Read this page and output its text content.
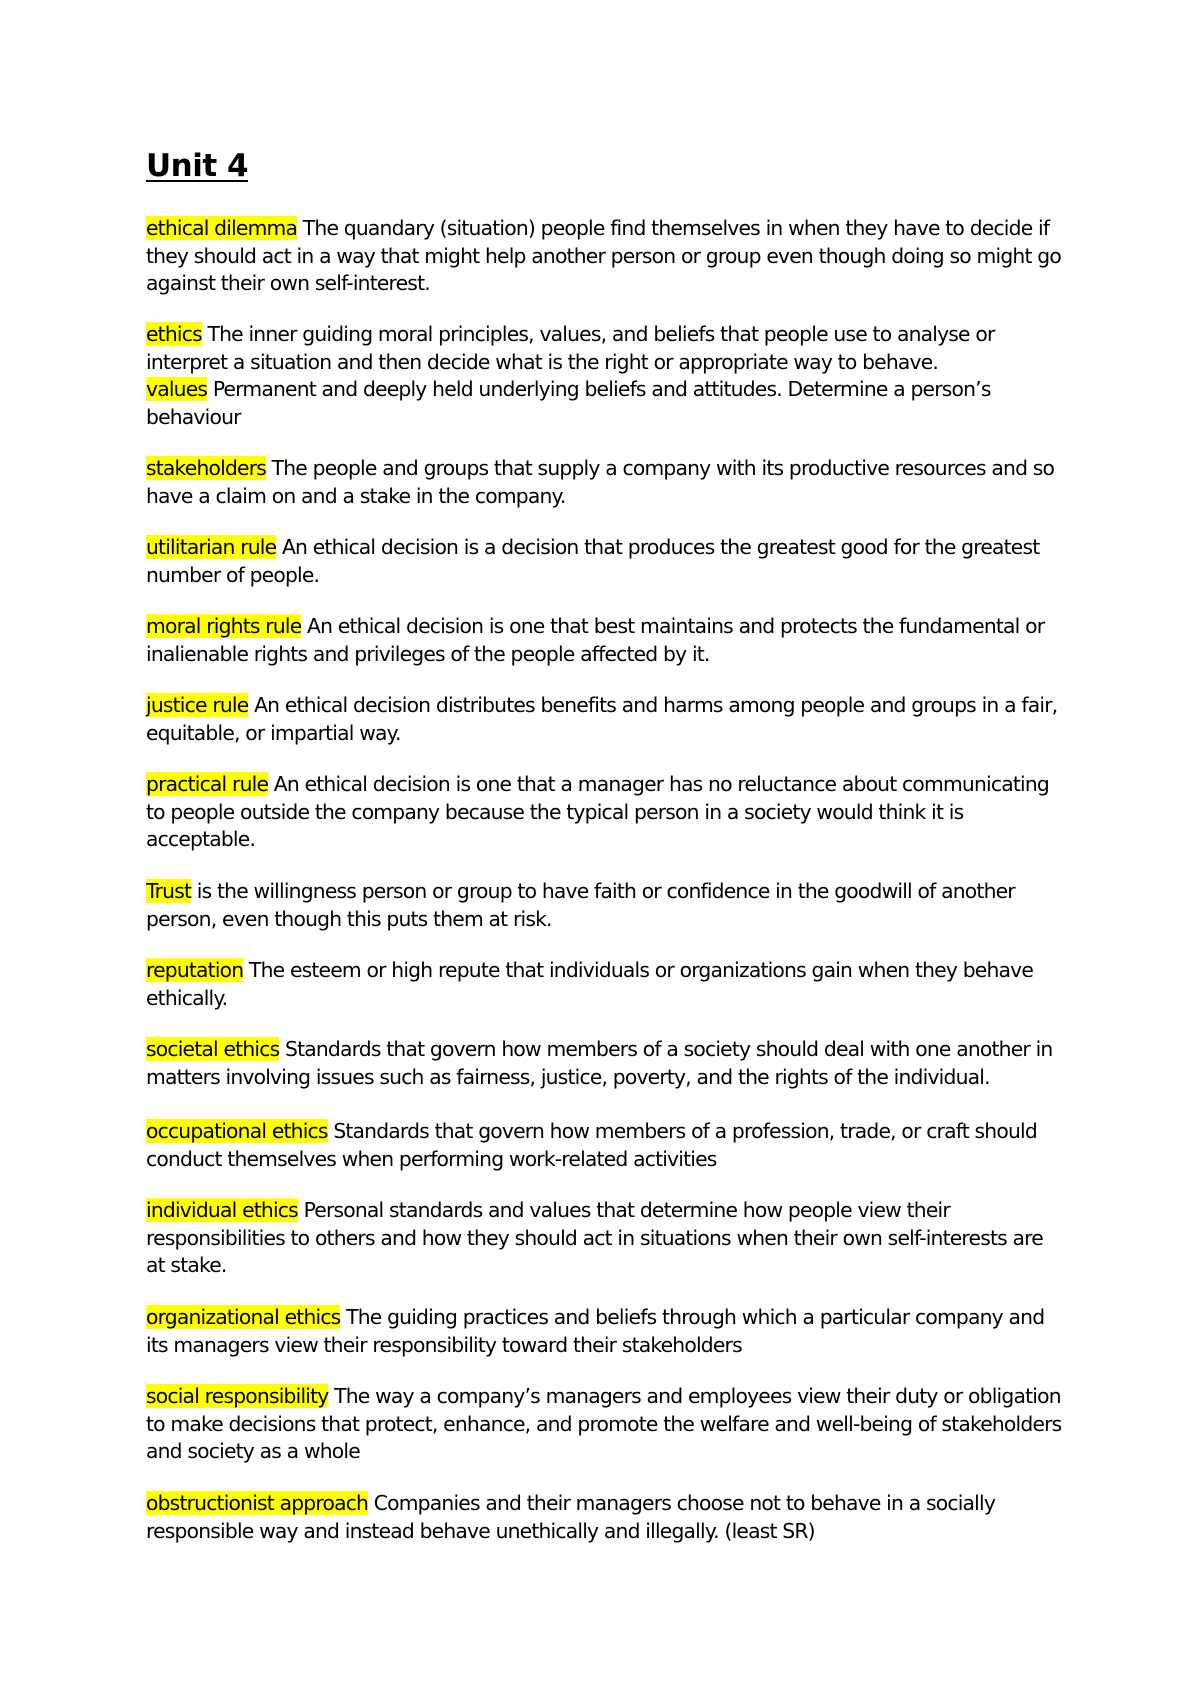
Unit 4

ethical dilemma The quandary (situation) people find themselves in when they have to decide if they should act in a way that might help another person or group even though doing so might go against their own self-interest.

ethics The inner guiding moral principles, values, and beliefs that people use to analyse or interpret a situation and then decide what is the right or appropriate way to behave.

values Permanent and deeply held underlying beliefs and attitudes. Determine a person’s behaviour

stakeholders The people and groups that supply a company with its productive resources and so have a claim on and a stake in the company.

utilitarian rule An ethical decision is a decision that produces the greatest good for the greatest number of people.

moral rights rule An ethical decision is one that best maintains and protects the fundamental or inalienable rights and privileges of the people affected by it.

justice rule An ethical decision distributes benefits and harms among people and groups in a fair, equitable, or impartial way.

practical rule An ethical decision is one that a manager has no reluctance about communicating to people outside the company because the typical person in a society would think it is acceptable.

Trust is the willingness person or group to have faith or confidence in the goodwill of another person, even though this puts them at risk.

reputation The esteem or high repute that individuals or organizations gain when they behave ethically.

societal ethics Standards that govern how members of a society should deal with one another in matters involving issues such as fairness, justice, poverty, and the rights of the individual.

occupational ethics Standards that govern how members of a profession, trade, or craft should conduct themselves when performing work-related activities

individual ethics Personal standards and values that determine how people view their responsibilities to others and how they should act in situations when their own self-interests are at stake.

organizational ethics The guiding practices and beliefs through which a particular company and its managers view their responsibility toward their stakeholders

social responsibility The way a company’s managers and employees view their duty or obligation to make decisions that protect, enhance, and promote the welfare and well-being of stakeholders and society as a whole

obstructionist approach Companies and their managers choose not to behave in a socially responsible way and instead behave unethically and illegally. (least SR)
